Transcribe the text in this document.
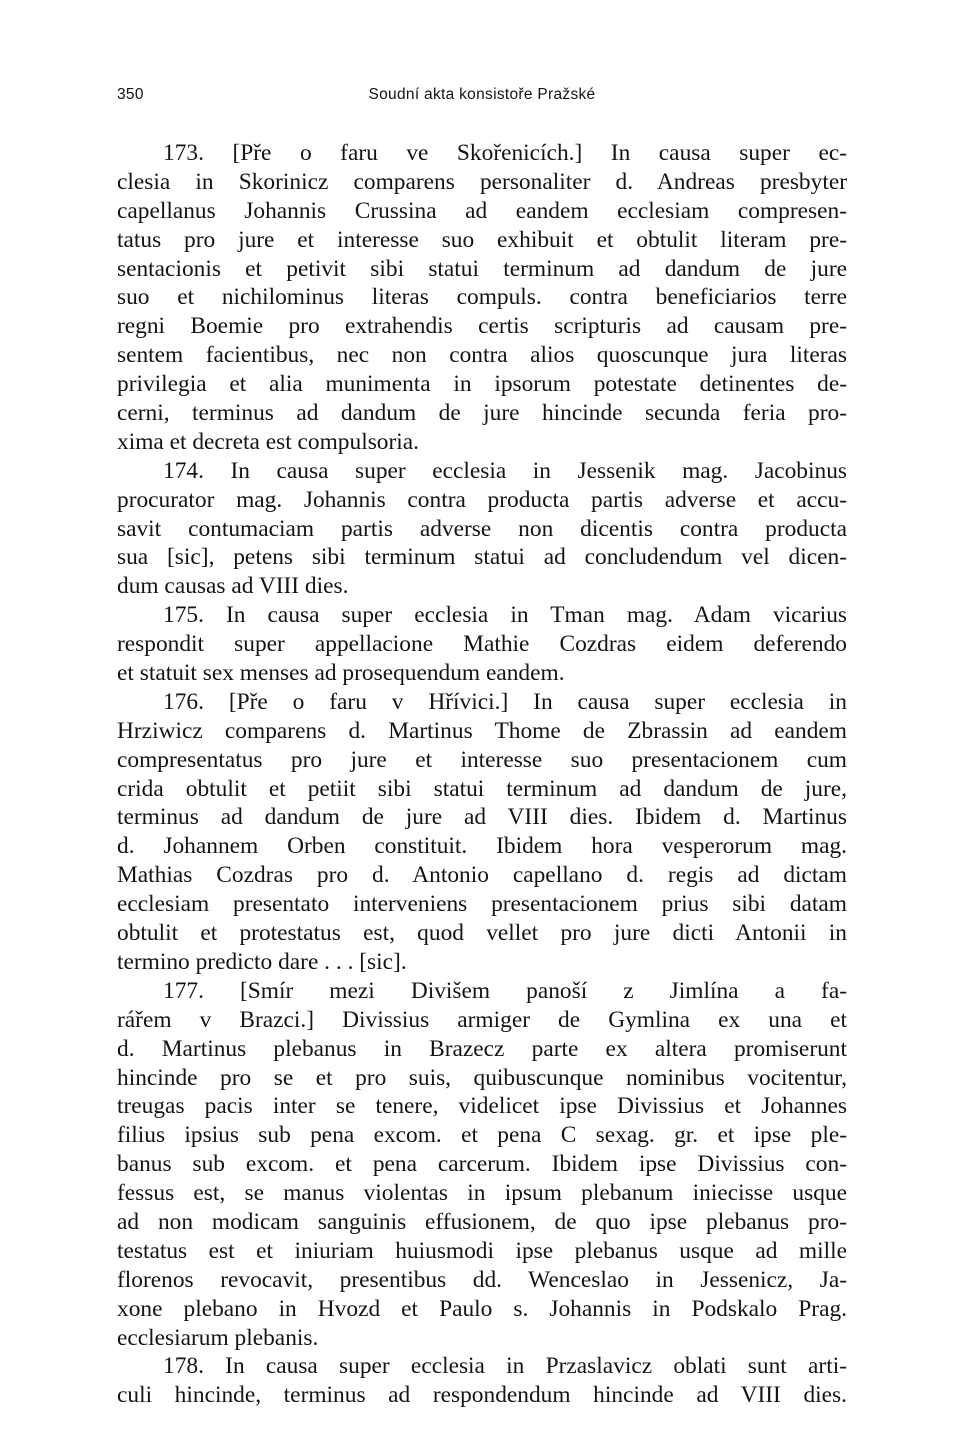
350	Soudní akta konsistoře Pražské
173. [Pře o faru ve Skořenicích.] In causa super ec-
clesia in Skorinicz comparens personaliter d. Andreas presbyter
capellanus Johannis Crussina ad eandem ecclesiam compresen-
tatus pro jure et interesse suo exhibuit et obtulit literam pre-
sentacionis et petivit sibi statui terminum ad dandum de jure
suo et nichilominus literas compuls. contra beneficiarios terre
regni Boemie pro extrahendis certis scripturis ad causam pre-
sentem facientibus, nec non contra alios quoscunque jura literas
privilegia et alia munimenta in ipsorum potestate detinentes de-
cerni, terminus ad dandum de jure hincinde secunda feria pro-
xima et decreta est compulsoria.
174. In causa super ecclesia in Jessenik mag. Jacobinus
procurator mag. Johannis contra producta partis adverse et accu-
savit contumaciam partis adverse non dicentis contra producta
sua [sic], petens sibi terminum statui ad concludendum vel dicen-
dum causas ad VIII dies.
175. In causa super ecclesia in Tman mag. Adam vicarius
respondit super appellacione Mathie Cozdras eidem deferendo
et statuit sex menses ad prosequendum eandem.
176. [Pře o faru v Hřívici.] In causa super ecclesia in
Hrziwicz comparens d. Martinus Thome de Zbrassin ad eandem
compresentatus pro jure et interesse suo presentacionem cum
crida obtulit et petiit sibi statui terminum ad dandum de jure,
terminus ad dandum de jure ad VIII dies. Ibidem d. Martinus
d. Johannem Orben constituit. Ibidem hora vesperorum mag.
Mathias Cozdras pro d. Antonio capellano d. regis ad dictam
ecclesiam presentato interveniens presentacionem prius sibi datam
obtulit et protestatus est, quod vellet pro jure dicti Antonii in
termino predicto dare . . . [sic].
177. [Smír mezi Divišem panoší z Jimlína a fa-
rářem v Brazci.] Divissius armiger de Gymlina ex una et
d. Martinus plebanus in Brazecz parte ex altera promiserunt
hincinde pro se et pro suis, quibuscunque nominibus vocitentur,
treugas pacis inter se tenere, videlicet ipse Divissius et Johannes
filius ipsius sub pena excom. et pena C sexag. gr. et ipse ple-
banus sub excom. et pena carcerum. Ibidem ipse Divissius con-
fessus est, se manus violentas in ipsum plebanum iniecisse usque
ad non modicam sanguinis effusionem, de quo ipse plebanus pro-
testatus est et iniuriam huiusmodi ipse plebanus usque ad mille
florenos revocavit, presentibus dd. Wenceslao in Jessenicz, Ja-
xone plebano in Hvozd et Paulo s. Johannis in Podskalo Prag.
ecclesiarum plebanis.
178. In causa super ecclesia in Przaslavicz oblati sunt arti-
culi hincinde, terminus ad respondendum hincinde ad VIII dies.
